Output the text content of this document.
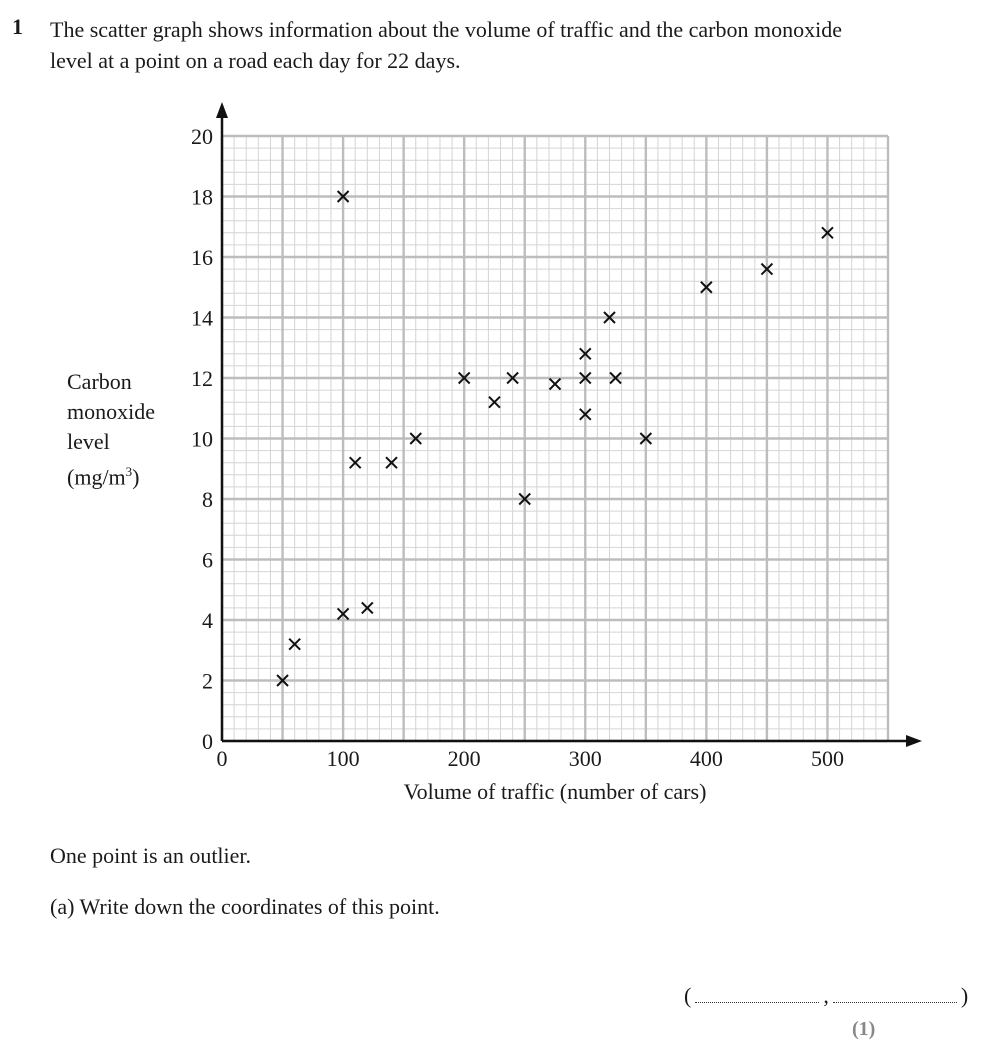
1 The scatter graph shows information about the volume of traffic and the carbon monoxide
level at a point on a road each day for 22 days.
0	100	200	300	400	500
0
2
4
6
8
10
12
14
16
18
20
Volume of traffic (number of cars)
Carbon
monoxide
level
$(mg/m^3)$
One point is an outlier.
(a) Write down the coordinates of this point.
(	,	)
(1)
